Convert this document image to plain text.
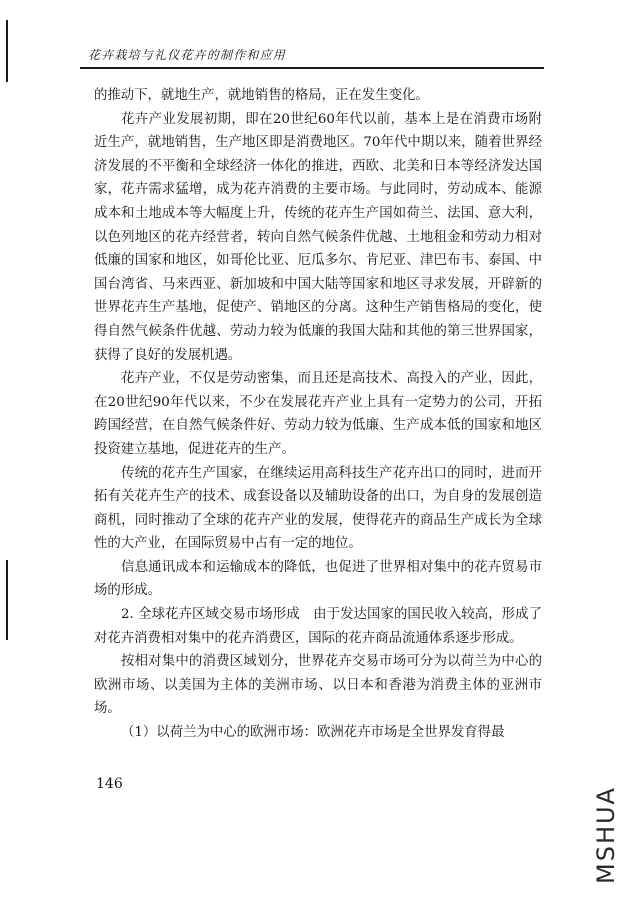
花卉栽培与礼仪花卉的制作和应用

的推动下，就地生产，就地销售的格局，正在发生变化。

花卉产业发展初期，即在20世纪60年代以前，基本上是在消费市场附近生产，就地销售，生产地区即是消费地区。70年代中期以来，随着世界经济发展的不平衡和全球经济一体化的推进，西欧、北美和日本等经济发达国家，花卉需求猛增，成为花卉消费的主要市场。与此同时，劳动成本、能源成本和土地成本等大幅度上升，传统的花卉生产国如荷兰、法国、意大利，以色列地区的花卉经营者，转向自然气候条件优越、土地租金和劳动力相对低廉的国家和地区，如哥伦比亚、厄瓜多尔、肯尼亚、津巴布韦、泰国、中国台湾省、马来西亚、新加坡和中国大陆等国家和地区寻求发展，开辟新的世界花卉生产基地，促使产、销地区的分离。这种生产销售格局的变化，使得自然气候条件优越、劳动力较为低廉的我国大陆和其他的第三世界国家，获得了良好的发展机遇。

花卉产业，不仅是劳动密集，而且还是高技术、高投入的产业，因此，在20世纪90年代以来，不少在发展花卉产业上具有一定势力的公司，开拓跨国经营，在自然气候条件好、劳动力较为低廉、生产成本低的国家和地区投资建立基地，促进花卉的生产。

传统的花卉生产国家，在继续运用高科技生产花卉出口的同时，进而开拓有关花卉生产的技术、成套设备以及辅助设备的出口，为自身的发展创造商机，同时推动了全球的花卉产业的发展，使得花卉的商品生产成长为全球性的大产业，在国际贸易中占有一定的地位。

信息通讯成本和运输成本的降低，也促进了世界相对集中的花卉贸易市场的形成。

2. 全球花卉区域交易市场形成　由于发达国家的国民收入较高，形成了对花卉消费相对集中的花卉消费区，国际的花卉商品流通体系逐步形成。

按相对集中的消费区域划分，世界花卉交易市场可分为以荷兰为中心的欧洲市场、以美国为主体的美洲市场、以日本和香港为消费主体的亚洲市场。

（1）以荷兰为中心的欧洲市场：欧洲花卉市场是全世界发育得最

146
MSHUA
